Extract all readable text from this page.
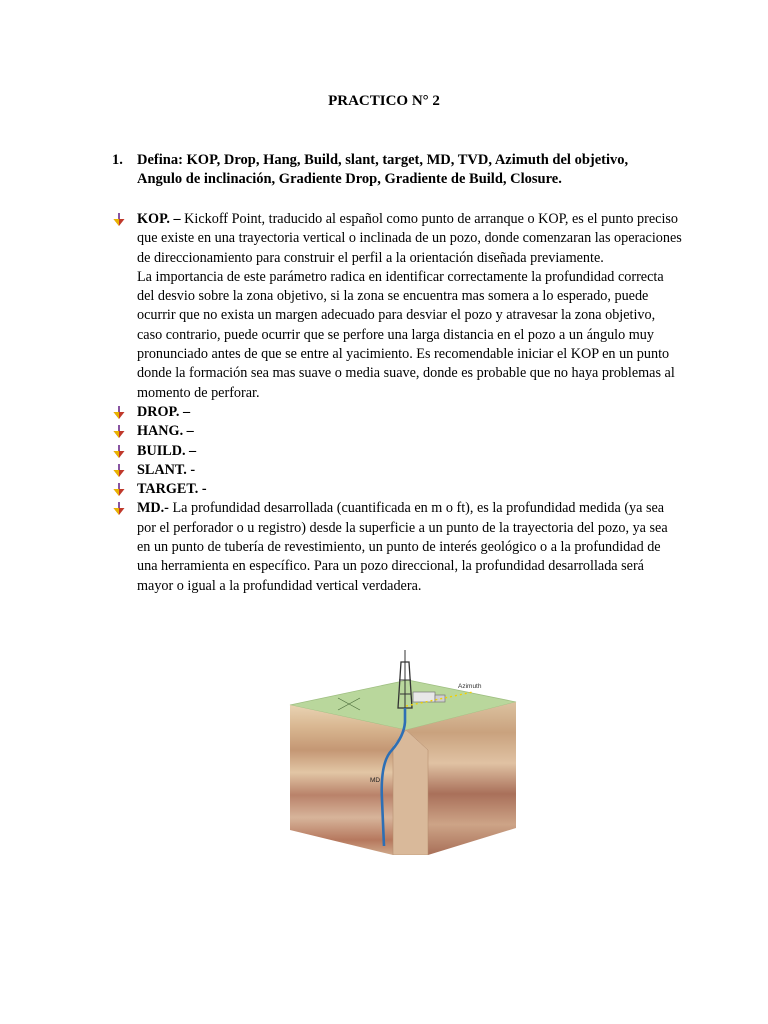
PRACTICO N° 2
1. Defina: KOP, Drop, Hang, Build, slant, target, MD, TVD, Azimuth del objetivo, Angulo de inclinación, Gradiente Drop, Gradiente de Build, Closure.
KOP. – Kickoff Point, traducido al español como punto de arranque o KOP, es el punto preciso que existe en una trayectoria vertical o inclinada de un pozo, donde comenzaran las operaciones de direccionamiento para construir el perfil a la orientación diseñada previamente.
La importancia de este parámetro radica en identificar correctamente la profundidad correcta del desvio sobre la zona objetivo, si la zona se encuentra mas somera a lo esperado, puede ocurrir que no exista un margen adecuado para desviar el pozo y atravesar la zona objetivo, caso contrario, puede ocurrir que se perfore una larga distancia en el pozo a un ángulo muy pronunciado antes de que se entre al yacimiento. Es recomendable iniciar el KOP en un punto donde la formación sea mas suave o media suave, donde es probable que no haya problemas al momento de perforar.
DROP. –
HANG. –
BUILD. –
SLANT. -
TARGET. -
MD.- La profundidad desarrollada (cuantificada en m o ft), es la profundidad medida (ya sea por el perforador o u registro) desde la superficie a un punto de la trayectoria del pozo, ya sea en un punto de tubería de revestimiento, un punto de interés geológico o a la profundidad de una herramienta en específico. Para un pozo direccional, la profundidad desarrollada será mayor o igual a la profundidad vertical verdadera.
Azimuth
MD
